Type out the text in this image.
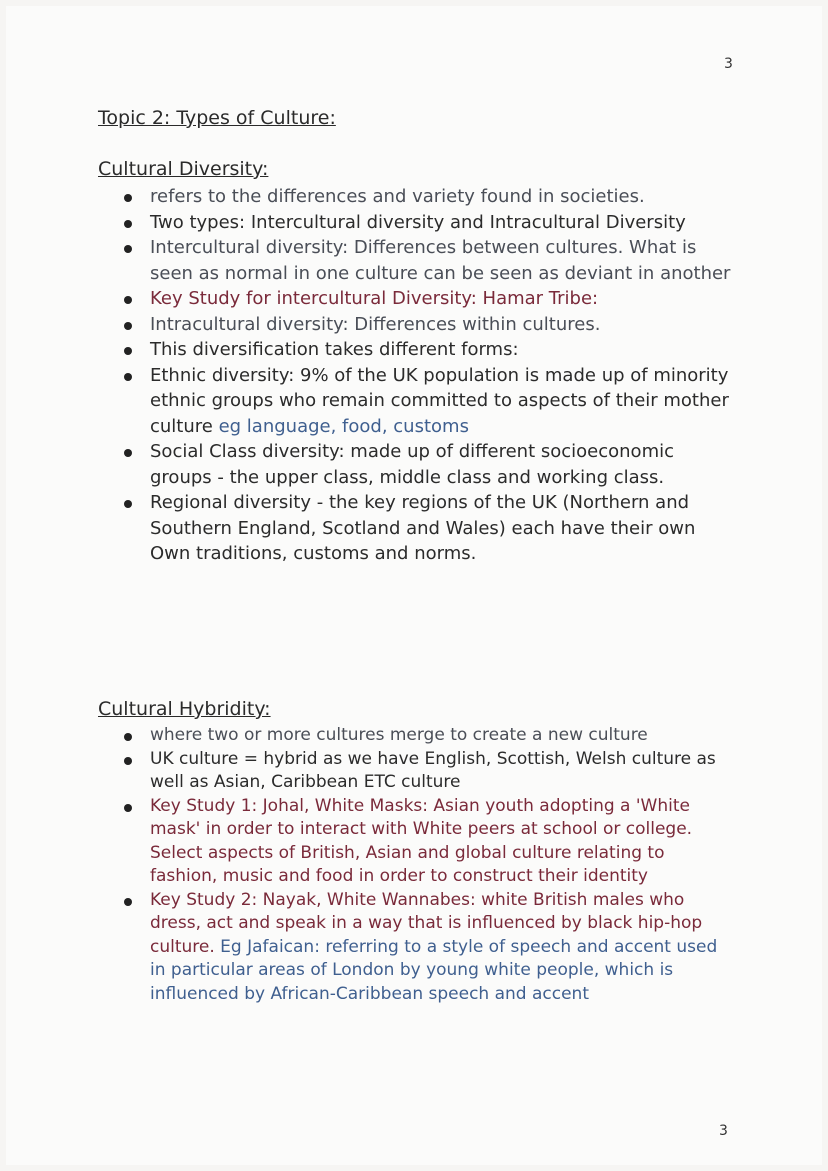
3
Topic 2: Types of Culture:
Cultural Diversity:
refers to the differences and variety found in societies.
Two types: Intercultural diversity and Intracultural Diversity
Intercultural diversity: Differences between cultures. What is seen as normal in one culture can be seen as deviant in another
Key Study for intercultural Diversity: Hamar Tribe:
Intracultural diversity: Differences within cultures.
This diversification takes different forms:
Ethnic diversity: 9% of the UK population is made up of minority ethnic groups who remain committed to aspects of their mother culture eg language, food, customs
Social Class diversity: made up of different socioeconomic groups - the upper class, middle class and working class.
Regional diversity - the key regions of the UK (Northern and Southern England, Scotland and Wales) each have their own Own traditions, customs and norms.
Cultural Hybridity:
where two or more cultures merge to create a new culture
UK culture = hybrid as we have English, Scottish, Welsh culture as well as Asian, Caribbean ETC culture
Key Study 1: Johal, White Masks: Asian youth adopting a 'White mask' in order to interact with White peers at school or college. Select aspects of British, Asian and global culture relating to fashion, music and food in order to construct their identity
Key Study 2: Nayak, White Wannabes: white British males who dress, act and speak in a way that is influenced by black hip-hop culture. Eg Jafaican: referring to a style of speech and accent used in particular areas of London by young white people, which is influenced by African-Caribbean speech and accent
3
